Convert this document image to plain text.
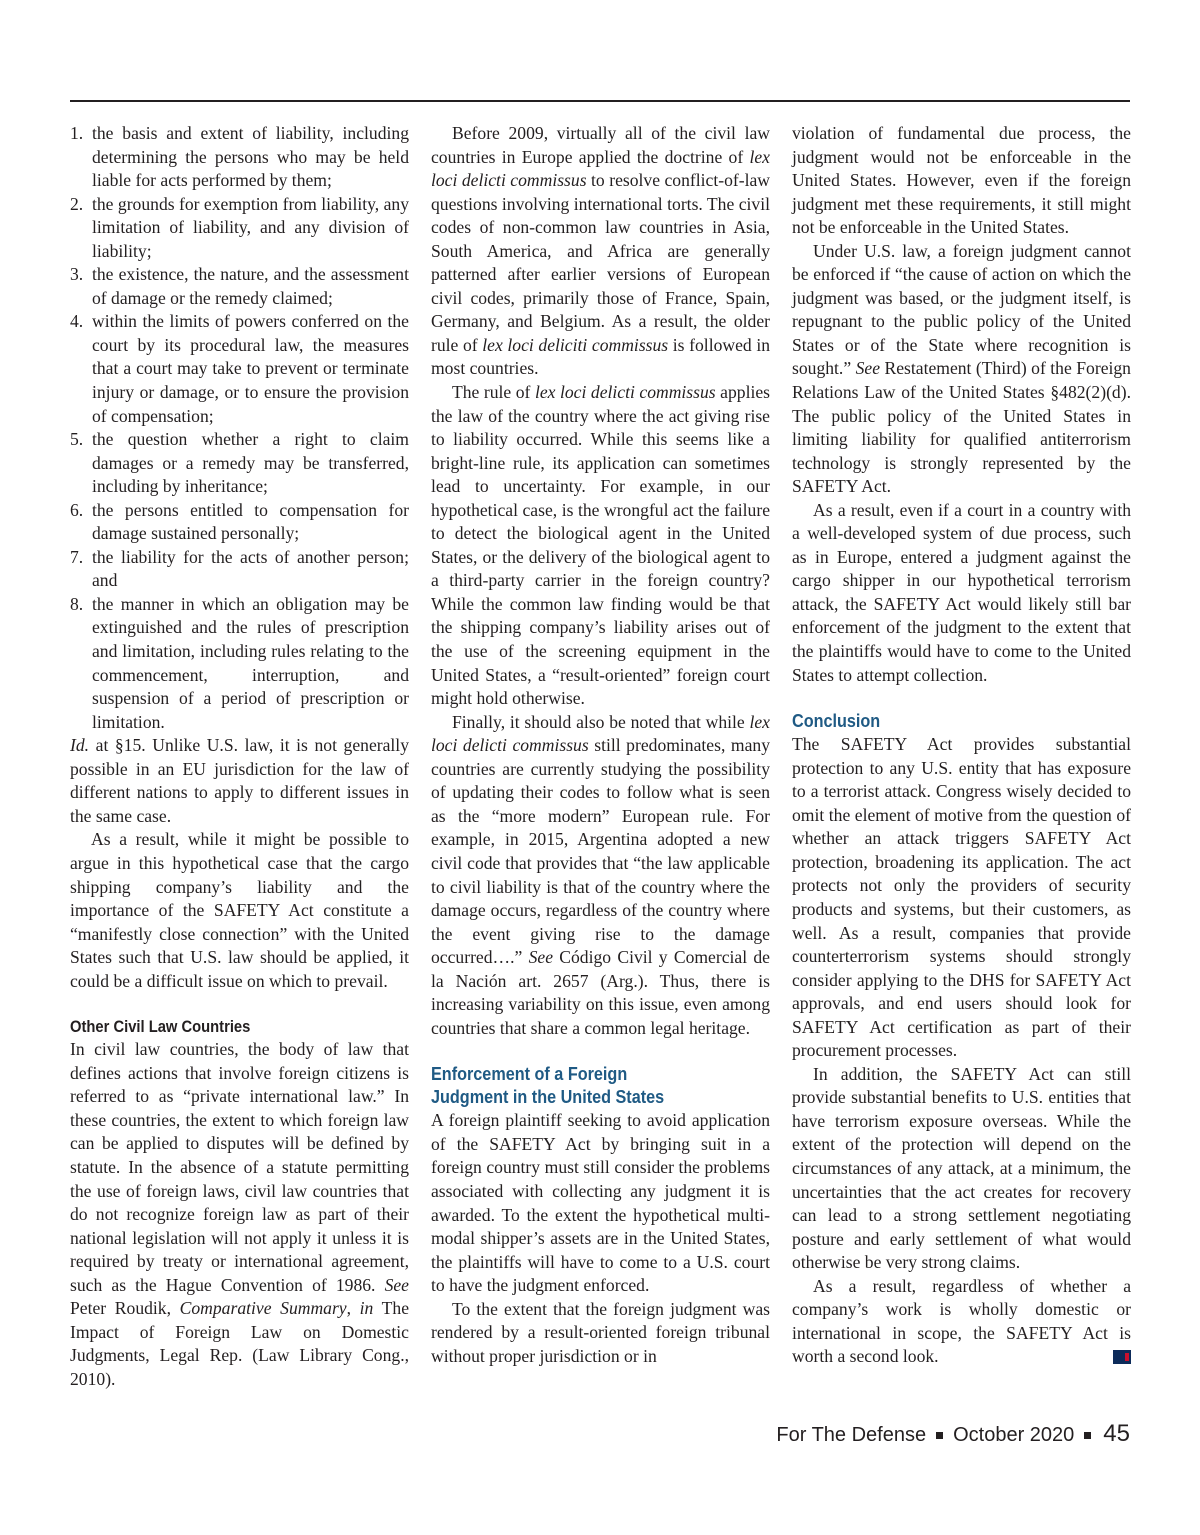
1. the basis and extent of liability, including determining the persons who may be held liable for acts performed by them;
2. the grounds for exemption from liability, any limitation of liability, and any division of liability;
3. the existence, the nature, and the assessment of damage or the remedy claimed;
4. within the limits of powers conferred on the court by its procedural law, the measures that a court may take to prevent or terminate injury or damage, or to ensure the provision of compensation;
5. the question whether a right to claim damages or a remedy may be transferred, including by inheritance;
6. the persons entitled to compensation for damage sustained personally;
7. the liability for the acts of another person; and
8. the manner in which an obligation may be extinguished and the rules of prescription and limitation, including rules relating to the commencement, interruption, and suspension of a period of prescription or limitation.

Id. at §15. Unlike U.S. law, it is not generally possible in an EU jurisdiction for the law of different nations to apply to different issues in the same case.

As a result, while it might be possible to argue in this hypothetical case that the cargo shipping company’s liability and the importance of the SAFETY Act constitute a “manifestly close connection” with the United States such that U.S. law should be applied, it could be a difficult issue on which to prevail.

Other Civil Law Countries

In civil law countries, the body of law that defines actions that involve foreign citizens is referred to as “private international law.” In these countries, the extent to which foreign law can be applied to disputes will be defined by statute. In the absence of a statute permitting the use of foreign laws, civil law countries that do not recognize foreign law as part of their national legislation will not apply it unless it is required by treaty or international agreement, such as the Hague Convention of 1986. See Peter Roudik, Comparative Summary, in The Impact of Foreign Law on Domestic Judgments, Legal Rep. (Law Library Cong., 2010).

Before 2009, virtually all of the civil law countries in Europe applied the doctrine of lex loci delicti commissus to resolve conflict-of-law questions involving international torts. The civil codes of non-common law countries in Asia, South America, and Africa are generally patterned after earlier versions of European civil codes, primarily those of France, Spain, Germany, and Belgium. As a result, the older rule of lex loci deliciti commissus is followed in most countries.

The rule of lex loci delicti commissus applies the law of the country where the act giving rise to liability occurred. While this seems like a bright-line rule, its application can sometimes lead to uncertainty. For example, in our hypothetical case, is the wrongful act the failure to detect the biological agent in the United States, or the delivery of the biological agent to a third-party carrier in the foreign country? While the common law finding would be that the shipping company’s liability arises out of the use of the screening equipment in the United States, a “result-oriented” foreign court might hold otherwise.

Finally, it should also be noted that while lex loci delicti commissus still predominates, many countries are currently studying the possibility of updating their codes to follow what is seen as the “more modern” European rule. For example, in 2015, Argentina adopted a new civil code that provides that “the law applicable to civil liability is that of the country where the damage occurs, regardless of the country where the event giving rise to the damage occurred….” See Código Civil y Comercial de la Nación art. 2657 (Arg.). Thus, there is increasing variability on this issue, even among countries that share a common legal heritage.

Enforcement of a Foreign
Judgment in the United States

A foreign plaintiff seeking to avoid application of the SAFETY Act by bringing suit in a foreign country must still consider the problems associated with collecting any judgment it is awarded. To the extent the hypothetical multi-modal shipper’s assets are in the United States, the plaintiffs will have to come to a U.S. court to have the judgment enforced.

To the extent that the foreign judgment was rendered by a result-oriented foreign tribunal without proper jurisdiction or in

violation of fundamental due process, the judgment would not be enforceable in the United States. However, even if the foreign judgment met these requirements, it still might not be enforceable in the United States.

Under U.S. law, a foreign judgment cannot be enforced if “the cause of action on which the judgment was based, or the judgment itself, is repugnant to the public policy of the United States or of the State where recognition is sought.” See Restatement (Third) of the Foreign Relations Law of the United States §482(2)(d). The public policy of the United States in limiting liability for qualified antiterrorism technology is strongly represented by the SAFETY Act.

As a result, even if a court in a country with a well-developed system of due process, such as in Europe, entered a judgment against the cargo shipper in our hypothetical terrorism attack, the SAFETY Act would likely still bar enforcement of the judgment to the extent that the plaintiffs would have to come to the United States to attempt collection.

Conclusion

The SAFETY Act provides substantial protection to any U.S. entity that has exposure to a terrorist attack. Congress wisely decided to omit the element of motive from the question of whether an attack triggers SAFETY Act protection, broadening its application. The act protects not only the providers of security products and systems, but their customers, as well. As a result, companies that provide counterterrorism systems should strongly consider applying to the DHS for SAFETY Act approvals, and end users should look for SAFETY Act certification as part of their procurement processes.

In addition, the SAFETY Act can still provide substantial benefits to U.S. entities that have terrorism exposure overseas. While the extent of the protection will depend on the circumstances of any attack, at a minimum, the uncertainties that the act creates for recovery can lead to a strong settlement negotiating posture and early settlement of what would otherwise be very strong claims.

As a result, regardless of whether a company’s work is wholly domestic or international in scope, the SAFETY Act is worth a second look.	FD

For The Defense October 2020 45
